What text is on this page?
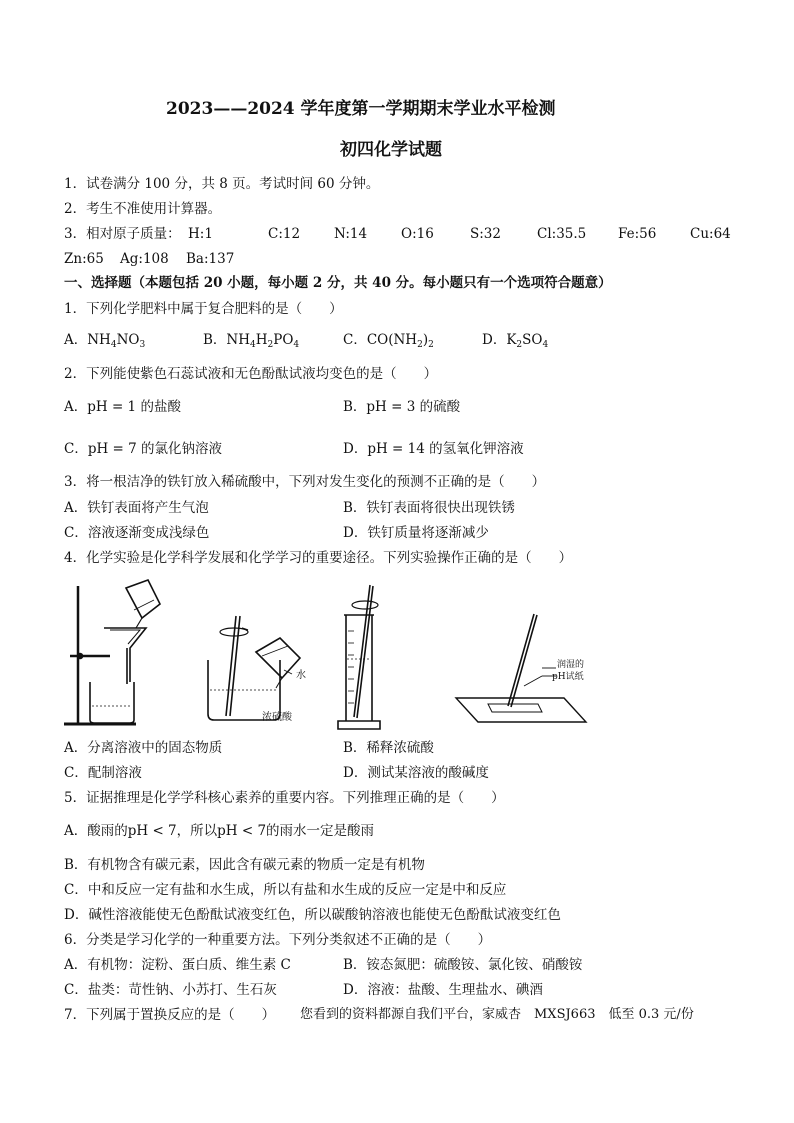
2023——2024 学年度第一学期期末学业水平检测
初四化学试题
1．试卷满分 100 分，共 8 页。考试时间 60 分钟。
2．考生不准使用计算器。
3．相对原子质量： H:1	C:12	N:14	O:16	S:32	Cl:35.5 Fe:56 Cu:64
Zn:65 Ag:108 Ba:137
一、选择题（本题包括 20 小题，每小题 2 分，共 40 分。每小题只有一个选项符合题意）
1．下列化学肥料中属于复合肥料的是（　　）
A．$NH_4NO_3$	B．$NH_4H_2PO_4$	C．$CO(NH_2)_2$	D．$K_2SO_4$
2．下列能使紫色石蕊试液和无色酚酞试液均变色的是（　　）
A．pH = 1 的盐酸	B．pH = 3 的硫酸
C．pH = 7 的氯化钠溶液	D．pH = 14 的氢氧化钾溶液
3．将一根洁净的铁钉放入稀硫酸中，下列对发生变化的预测不正确的是（　　）
A．铁钉表面将产生气泡	B．铁钉表面将很快出现铁锈
C．溶液逐渐变成浅绿色	D．铁钉质量将逐渐减少
4．化学实验是化学科学发展和化学学习的重要途径。下列实验操作正确的是（　　）
水
浓硫酸
润湿的
pH试纸
A．分离溶液中的固态物质	B．稀释浓硫酸
C．配制溶液	D．测试某溶液的酸碱度
5．证据推理是化学学科核心素养的重要内容。下列推理正确的是（　　）
A．酸雨的pH < 7，所以pH < 7的雨水一定是酸雨
B．有机物含有碳元素，因此含有碳元素的物质一定是有机物
C．中和反应一定有盐和水生成，所以有盐和水生成的反应一定是中和反应
D．碱性溶液能使无色酚酞试液变红色，所以碳酸钠溶液也能使无色酚酞试液变红色
6．分类是学习化学的一种重要方法。下列分类叙述不正确的是（　　）
A．有机物：淀粉、蛋白质、维生素 C	B．铵态氮肥：硫酸铵、氯化铵、硝酸铵
C．盐类：苛性钠、小苏打、生石灰	D．溶液：盐酸、生理盐水、碘酒
7．下列属于置换反应的是（　　） 您看到的资料都源自我们平台，家威杏　MXSJ663　低至 0.3 元/份
